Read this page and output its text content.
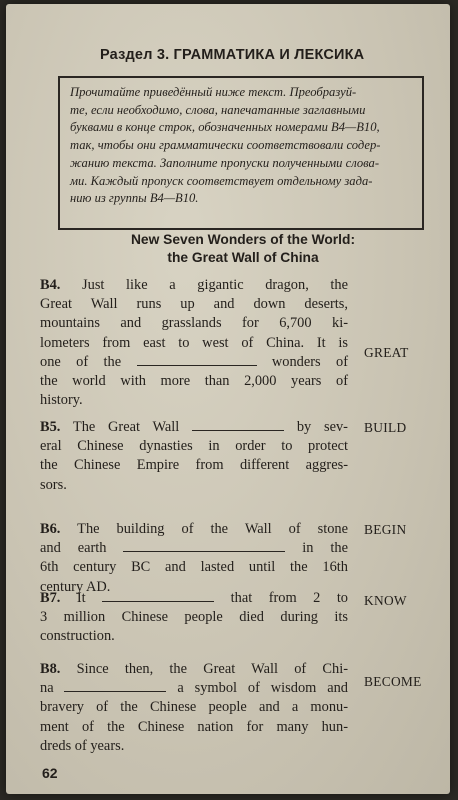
Раздел 3. ГРАММАТИКА И ЛЕКСИКА
Прочитайте приведённый ниже текст. Преобразуй-
те, если необходимо, слова, напечатанные заглавными
буквами в конце строк, обозначенных номерами B4—B10,
так, чтобы они грамматически соответствовали содер-
жанию текста. Заполните пропуски полученными слова-
ми. Каждый пропуск соответствует отдельному зада-
нию из группы B4—B10.
New Seven Wonders of the World:
the Great Wall of China
B4. Just like a gigantic dragon, the
Great Wall runs up and down deserts,
mountains and grasslands for 6,700 ki-
lometers from east to west of China. It is
one of the	wonders of
the world with more than 2,000 years of
history.
GREAT
B5. The Great Wall	by sev-
eral Chinese dynasties in order to protect
the Chinese Empire from different aggres-
sors.
BUILD
B6. The building of the Wall of stone
and earth	in the
6th century BC and lasted until the 16th
century AD.
BEGIN
B7. It	that from 2 to
3 million Chinese people died during its
construction.
KNOW
B8. Since then, the Great Wall of Chi-
na	a symbol of wisdom and
bravery of the Chinese people and a monu-
ment of the Chinese nation for many hun-
dreds of years.
BECOME
62
